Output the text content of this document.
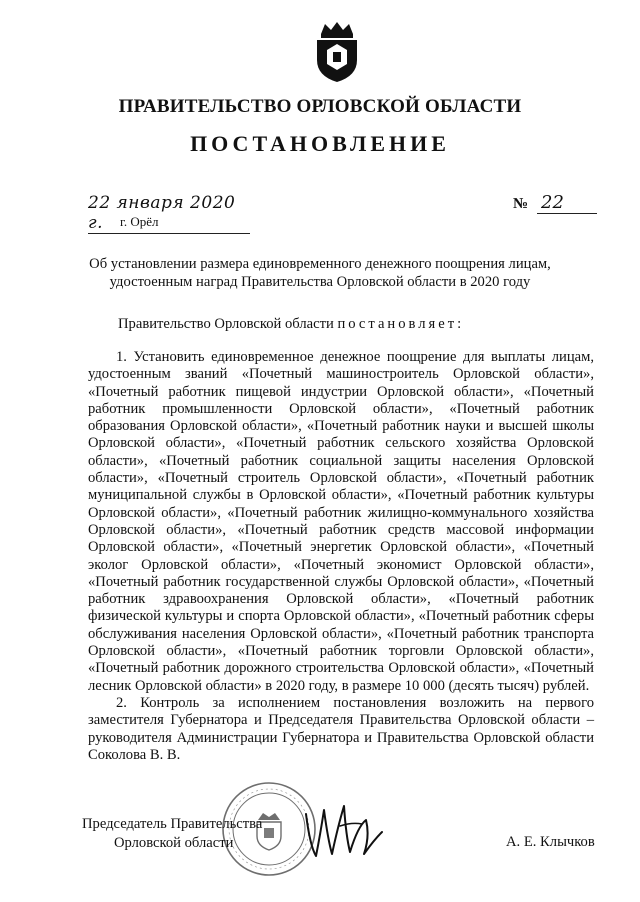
ПРАВИТЕЛЬСТВО ОРЛОВСКОЙ ОБЛАСТИ
ПОСТАНОВЛЕНИЕ
22 января 2020 г.	г. Орёл
№ 22
Об установлении размера единовременного денежного поощрения лицам, удостоенным наград Правительства Орловской области в 2020 году
Правительство Орловской области постановляет:

1. Установить единовременное денежное поощрение для выплаты лицам, удостоенным званий «Почетный машиностроитель Орловской области», «Почетный работник пищевой индустрии Орловской области», «Почетный работник промышленности Орловской области», «Почетный работник образования Орловской области», «Почетный работник науки и высшей школы Орловской области», «Почетный работник сельского хозяйства Орловской области», «Почетный работник социальной защиты населения Орловской области», «Почетный строитель Орловской области», «Почетный работник муниципальной службы в Орловской области», «Почетный работник культуры Орловской области», «Почетный работник жилищно-коммунального хозяйства Орловской области», «Почетный работник средств массовой информации Орловской области», «Почетный энергетик Орловской области», «Почетный эколог Орловской области», «Почетный экономист Орловской области», «Почетный работник государственной службы Орловской области», «Почетный работник здравоохранения Орловской области», «Почетный работник физической культуры и спорта Орловской области», «Почетный работник сферы обслуживания населения Орловской области», «Почетный работник транспорта Орловской области», «Почетный работник торговли Орловской области», «Почетный работник дорожного строительства Орловской области», «Почетный лесник Орловской области» в 2020 году, в размере 10 000 (десять тысяч) рублей.

2. Контроль за исполнением постановления возложить на первого заместителя Губернатора и Председателя Правительства Орловской области – руководителя Администрации Губернатора и Правительства Орловской области Соколова В. В.

Председатель Правительства
Орловской области	А. Е. Клычков
